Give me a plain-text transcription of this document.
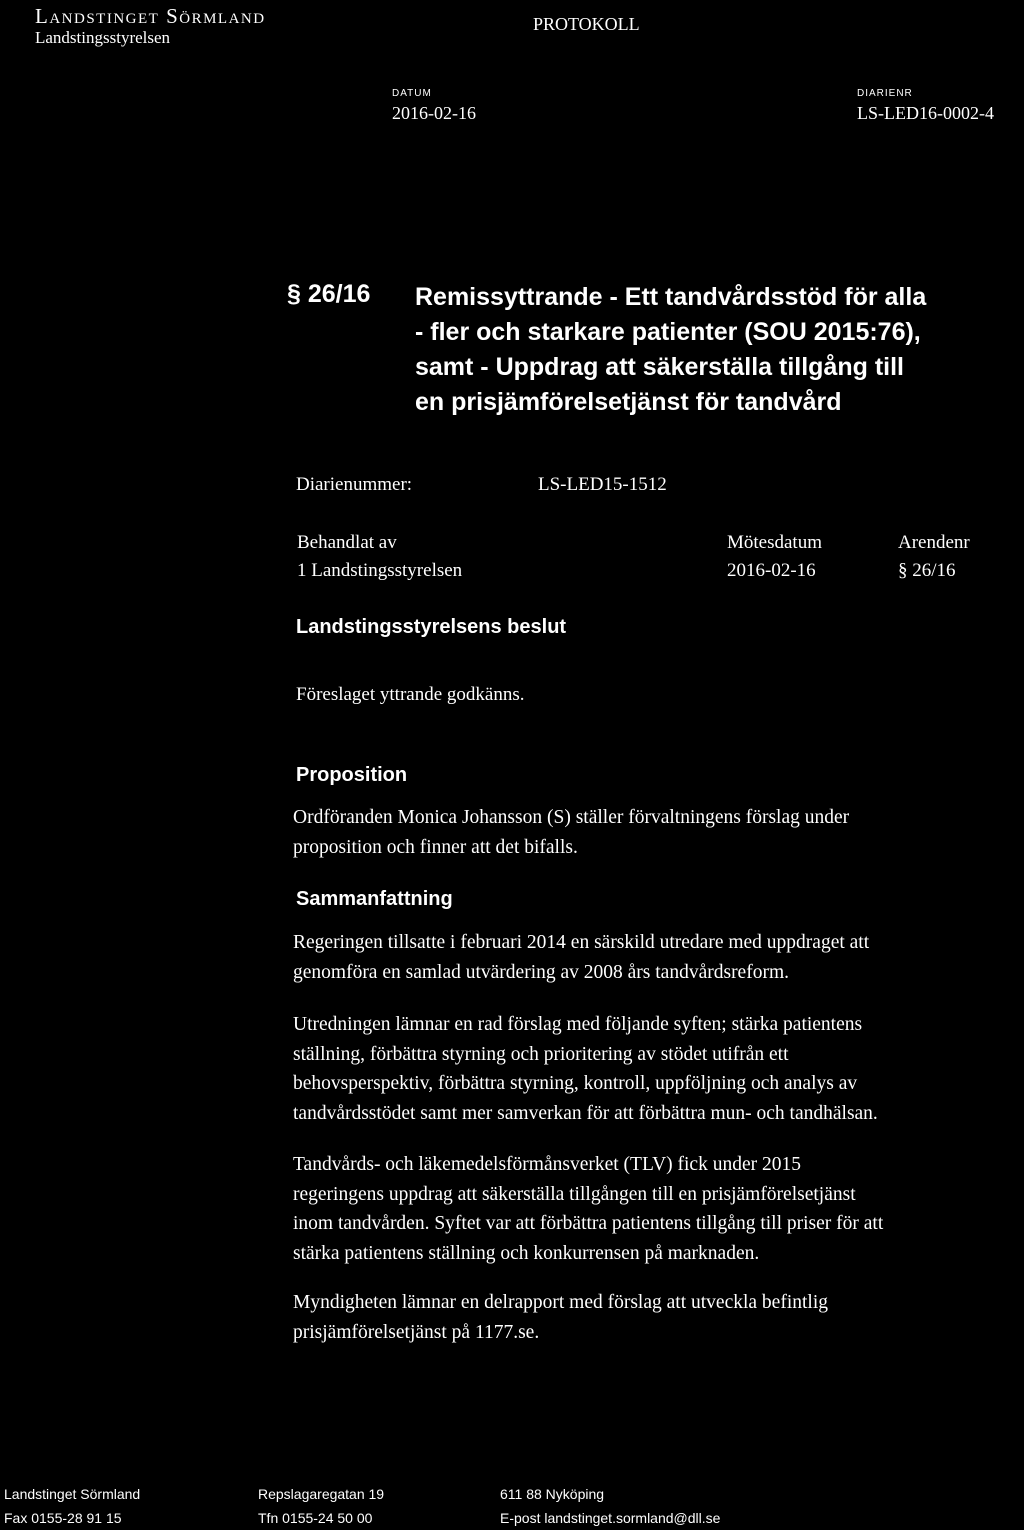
Landstinget Sörmland
Landstingsstyrelsen
PROTOKOLL
DATUM
2016-02-16
DIARIENR
LS-LED16-0002-4
§ 26/16 Remissyttrande - Ett tandvårdsstöd för alla
- fler och starkare patienter (SOU 2015:76),
samt - Uppdrag att säkerställa tillgång till
en prisjämförelsetjänst för tandvård
Diarienummer:	LS-LED15-1512
Behandlat av
1 Landstingsstyrelsen
Mötesdatum
2016-02-16
Arendenr
§ 26/16
Landstingsstyrelsens beslut
Föreslaget yttrande godkänns.
Proposition
Ordföranden Monica Johansson (S) ställer förvaltningens förslag under
proposition och finner att det bifalls.
Sammanfattning
Regeringen tillsatte i februari 2014 en särskild utredare med uppdraget att
genomföra en samlad utvärdering av 2008 års tandvårdsreform.
Utredningen lämnar en rad förslag med följande syften; stärka patientens
ställning, förbättra styrning och prioritering av stödet utifrån ett
behovsperspektiv, förbättra styrning, kontroll, uppföljning och analys av
tandvårdsstödet samt mer samverkan för att förbättra mun- och tandhälsan.
Tandvårds- och läkemedelsförmånsverket (TLV) fick under 2015
regeringens uppdrag att säkerställa tillgången till en prisjämförelsetjänst
inom tandvården. Syftet var att förbättra patientens tillgång till priser för att
stärka patientens ställning och konkurrensen på marknaden.
Myndigheten lämnar en delrapport med förslag att utveckla befintlig
prisjämförelsetjänst på 1177.se.
Landstinget Sörmland
Fax 0155-28 91 15
Repslagaregatan 19
Tfn 0155-24 50 00
611 88 Nyköping
E-post landstinget.sormland@dll.se
